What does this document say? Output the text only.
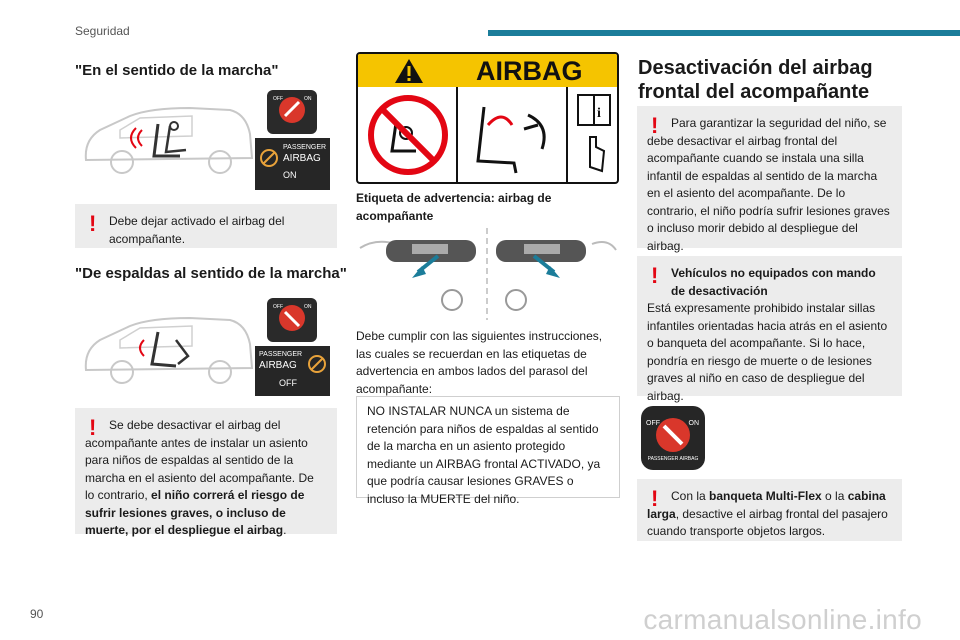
Seguridad
90	carmanualsonline.info
"En el sentido de la marcha"
OFF	ON
PASSENGER
AIRBAG
ON
!	Debe dejar activado el airbag del acompañante.
"De espaldas al sentido de la marcha"
OFF	ON
PASSENGER
AIRBAG
OFF
!	Se debe desactivar el airbag del acompañante antes de instalar un asiento para niños de espaldas al sentido de la marcha en el asiento del acompañante. De lo contrario, el niño correrá el riesgo de sufrir lesiones graves, o incluso de muerte, por el despliegue el airbag.
AIRBAG
i
Etiqueta de advertencia: airbag de acompañante
Debe cumplir con las siguientes instrucciones, las cuales se recuerdan en las etiquetas de advertencia en ambos lados del parasol del acompañante:
NO INSTALAR NUNCA un sistema de retención para niños de espaldas al sentido de la marcha en un asiento protegido mediante un AIRBAG frontal ACTIVADO, ya que podría causar lesiones GRAVES o incluso la MUERTE del niño.
Desactivación del airbag frontal del acompañante
!	Para garantizar la seguridad del niño, se debe desactivar el airbag frontal del acompañante cuando se instala una silla infantil de espaldas al sentido de la marcha en el asiento del acompañante. De lo contrario, el niño podría sufrir lesiones graves o incluso morir debido al despliegue del airbag.
!	Vehículos no equipados con mando de desactivación
Está expresamente prohibido instalar sillas infantiles orientadas hacia atrás en el asiento o banqueta del acompañante. Si lo hace, pondría en riesgo de muerte o de lesiones graves al niño en caso de despliegue del airbag.
OFF	ON
PASSENGER AIRBAG
!	Con la banqueta Multi-Flex o la cabina larga, desactive el airbag frontal del pasajero cuando transporte objetos largos.
